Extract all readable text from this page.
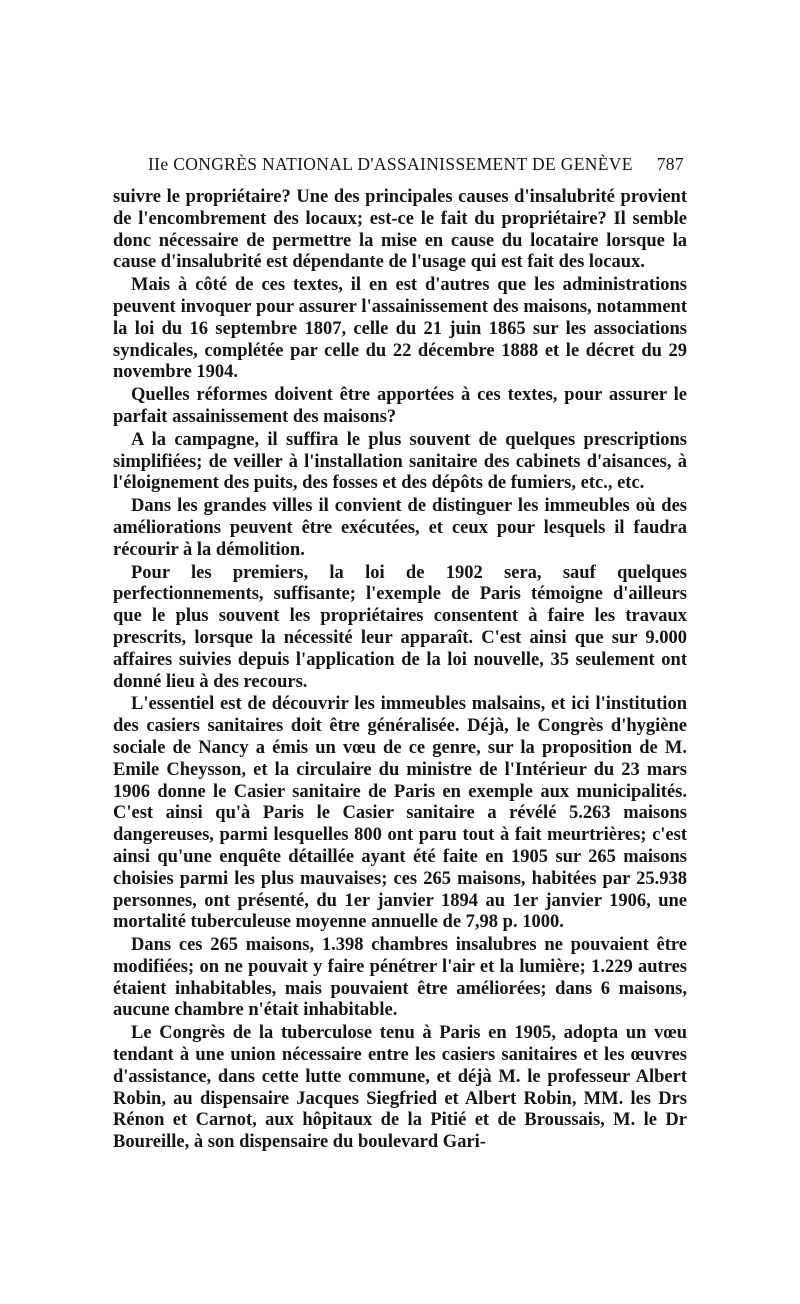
IIe CONGRÈS NATIONAL D'ASSAINISSEMENT DE GENÈVE 787

suivre le propriétaire? Une des principales causes d'insalubrité provient de l'encombrement des locaux; est-ce le fait du propriétaire? Il semble donc nécessaire de permettre la mise en cause du locataire lorsque la cause d'insalubrité est dépendante de l'usage qui est fait des locaux.

Mais à côté de ces textes, il en est d'autres que les administrations peuvent invoquer pour assurer l'assainissement des maisons, notamment la loi du 16 septembre 1807, celle du 21 juin 1865 sur les associations syndicales, complétée par celle du 22 décembre 1888 et le décret du 29 novembre 1904.

Quelles réformes doivent être apportées à ces textes, pour assurer le parfait assainissement des maisons?

A la campagne, il suffira le plus souvent de quelques prescriptions simplifiées; de veiller à l'installation sanitaire des cabinets d'aisances, à l'éloignement des puits, des fosses et des dépôts de fumiers, etc., etc.

Dans les grandes villes il convient de distinguer les immeubles où des améliorations peuvent être exécutées, et ceux pour lesquels il faudra récourir à la démolition.

Pour les premiers, la loi de 1902 sera, sauf quelques perfectionnements, suffisante; l'exemple de Paris témoigne d'ailleurs que le plus souvent les propriétaires consentent à faire les travaux prescrits, lorsque la nécessité leur apparaît. C'est ainsi que sur 9.000 affaires suivies depuis l'application de la loi nouvelle, 35 seulement ont donné lieu à des recours.

L'essentiel est de découvrir les immeubles malsains, et ici l'institution des casiers sanitaires doit être généralisée. Déjà, le Congrès d'hygiène sociale de Nancy a émis un vœu de ce genre, sur la proposition de M. Emile Cheysson, et la circulaire du ministre de l'Intérieur du 23 mars 1906 donne le Casier sanitaire de Paris en exemple aux municipalités. C'est ainsi qu'à Paris le Casier sanitaire a révélé 5.263 maisons dangereuses, parmi lesquelles 800 ont paru tout à fait meurtrières; c'est ainsi qu'une enquête détaillée ayant été faite en 1905 sur 265 maisons choisies parmi les plus mauvaises; ces 265 maisons, habitées par 25.938 personnes, ont présenté, du 1er janvier 1894 au 1er janvier 1906, une mortalité tuberculeuse moyenne annuelle de 7,98 p. 1000.

Dans ces 265 maisons, 1.398 chambres insalubres ne pouvaient être modifiées; on ne pouvait y faire pénétrer l'air et la lumière; 1.229 autres étaient inhabitables, mais pouvaient être améliorées; dans 6 maisons, aucune chambre n'était inhabitable.

Le Congrès de la tuberculose tenu à Paris en 1905, adopta un vœu tendant à une union nécessaire entre les casiers sanitaires et les œuvres d'assistance, dans cette lutte commune, et déjà M. le professeur Albert Robin, au dispensaire Jacques Siegfried et Albert Robin, MM. les Drs Rénon et Carnot, aux hôpitaux de la Pitié et de Broussais, M. le Dr Boureille, à son dispensaire du boulevard Gari-
